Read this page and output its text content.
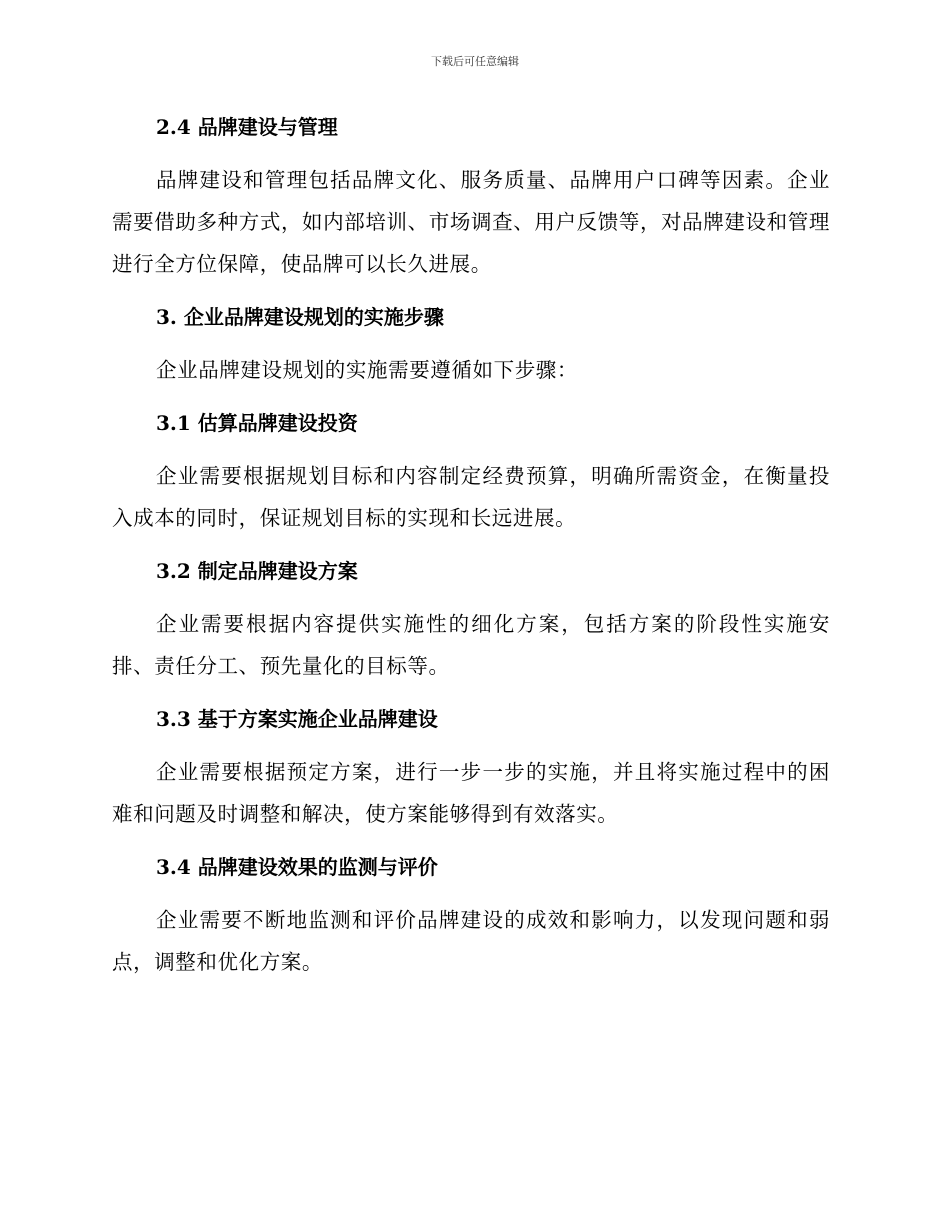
下载后可任意编辑
2.4 品牌建设与管理

品牌建设和管理包括品牌文化、服务质量、品牌用户口碑等因素。企业需要借助多种方式，如内部培训、市场调查、用户反馈等，对品牌建设和管理进行全方位保障，使品牌可以长久进展。

3. 企业品牌建设规划的实施步骤

企业品牌建设规划的实施需要遵循如下步骤：

3.1 估算品牌建设投资

企业需要根据规划目标和内容制定经费预算，明确所需资金，在衡量投入成本的同时，保证规划目标的实现和长远进展。

3.2 制定品牌建设方案

企业需要根据内容提供实施性的细化方案，包括方案的阶段性实施安排、责任分工、预先量化的目标等。

3.3 基于方案实施企业品牌建设

企业需要根据预定方案，进行一步一步的实施，并且将实施过程中的困难和问题及时调整和解决，使方案能够得到有效落实。

3.4 品牌建设效果的监测与评价

企业需要不断地监测和评价品牌建设的成效和影响力，以发现问题和弱点，调整和优化方案。
